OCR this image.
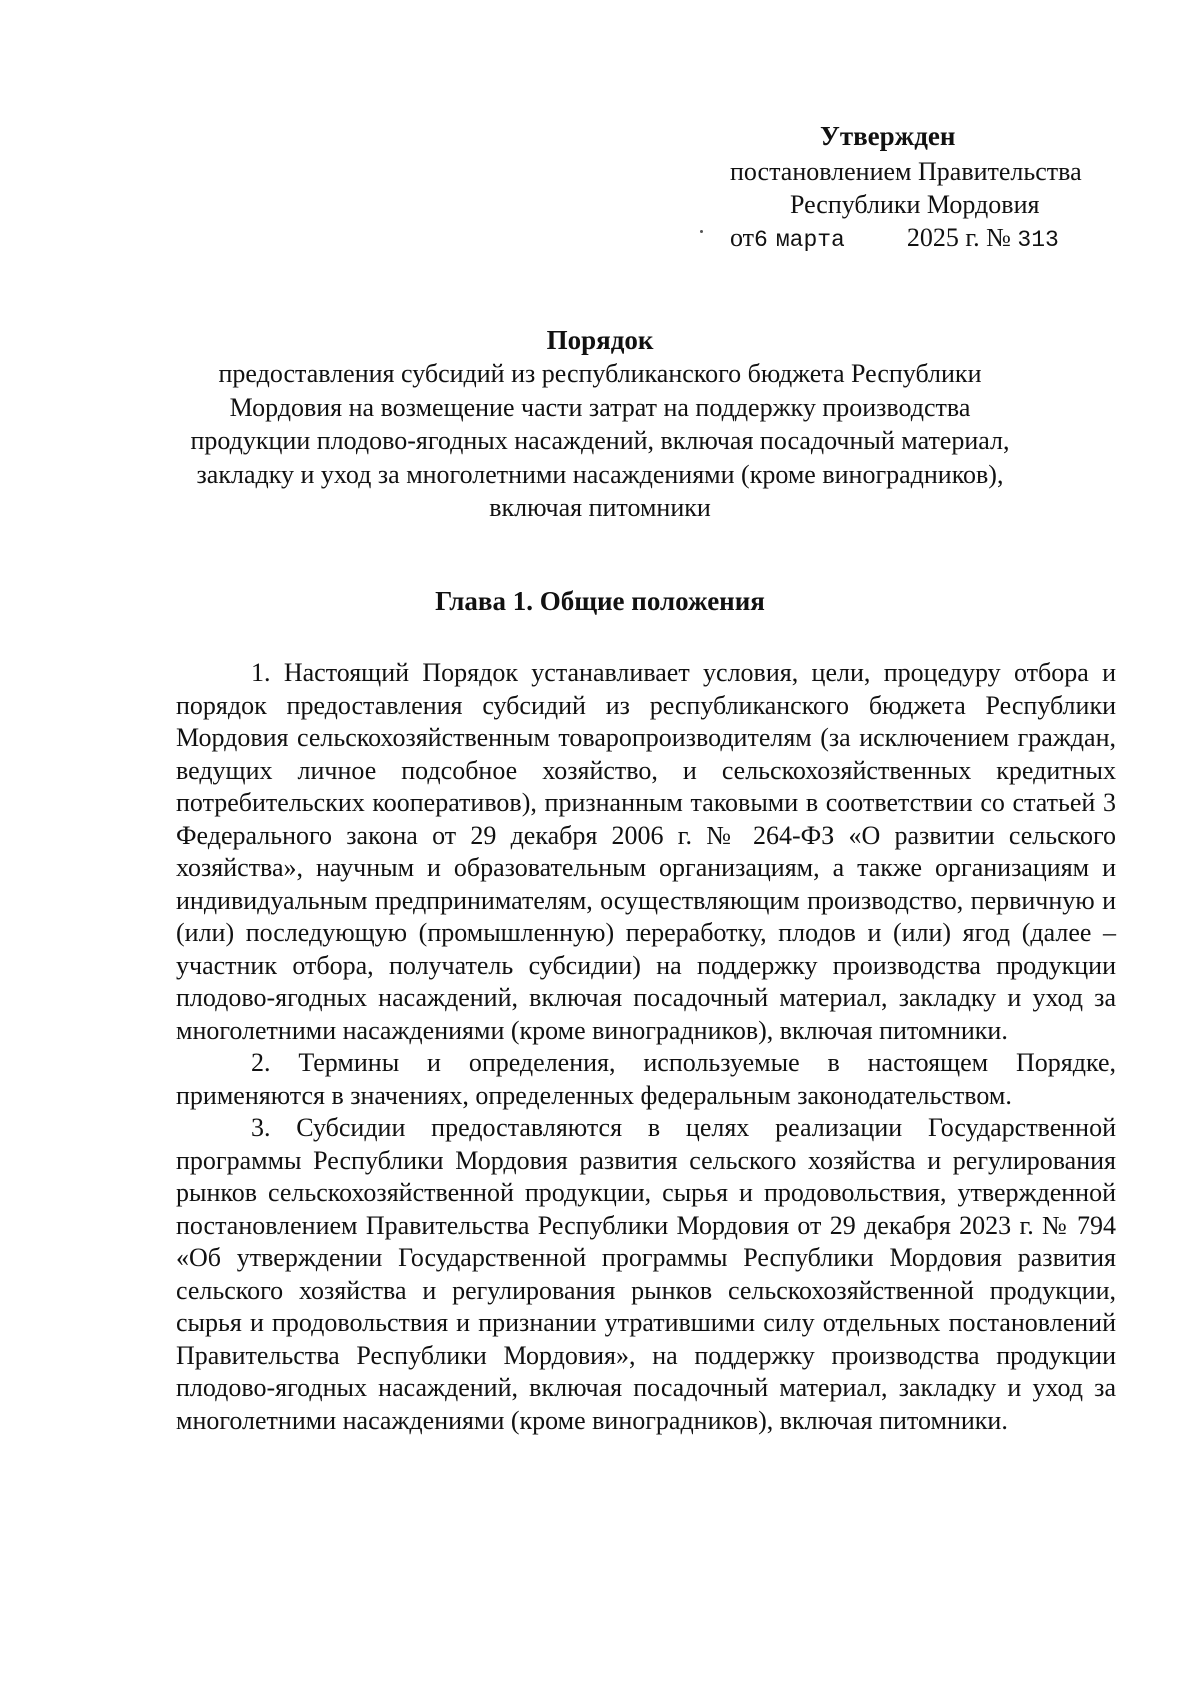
Утвержден
постановлением Правительства
Республики Мордовия
от6 марта 2025 г. № 313
Порядок
предоставления субсидий из республиканского бюджета Республики
Мордовия на возмещение части затрат на поддержку производства
продукции плодово-ягодных насаждений, включая посадочный материал,
закладку и уход за многолетними насаждениями (кроме виноградников),
включая питомники
Глава 1. Общие положения

1. Настоящий Порядок устанавливает условия, цели, процедуру отбора и порядок предоставления субсидий из республиканского бюджета Республики Мордовия сельскохозяйственным товаропроизводителям (за исключением граждан, ведущих личное подсобное хозяйство, и сельскохозяйственных кредитных потребительских кооперативов), признанным таковыми в соответствии со статьей 3 Федерального закона от 29 декабря 2006 г. № 264-ФЗ «О развитии сельского хозяйства», научным и образовательным организациям, а также организациям и индивидуальным предпринимателям, осуществляющим производство, первичную и (или) последующую (промышленную) переработку, плодов и (или) ягод (далее – участник отбора, получатель субсидии) на поддержку производства продукции плодово-ягодных насаждений, включая посадочный материал, закладку и уход за многолетними насаждениями (кроме виноградников), включая питомники.

2. Термины и определения, используемые в настоящем Порядке, применяются в значениях, определенных федеральным законодательством.

3. Субсидии предоставляются в целях реализации Государственной программы Республики Мордовия развития сельского хозяйства и регулирования рынков сельскохозяйственной продукции, сырья и продовольствия, утвержденной постановлением Правительства Республики Мордовия от 29 декабря 2023 г. № 794 «Об утверждении Государственной программы Республики Мордовия развития сельского хозяйства и регулирования рынков сельскохозяйственной продукции, сырья и продовольствия и признании утратившими силу отдельных постановлений Правительства Республики Мордовия», на поддержку производства продукции плодово-ягодных насаждений, включая посадочный материал, закладку и уход за многолетними насаждениями (кроме виноградников), включая питомники.
